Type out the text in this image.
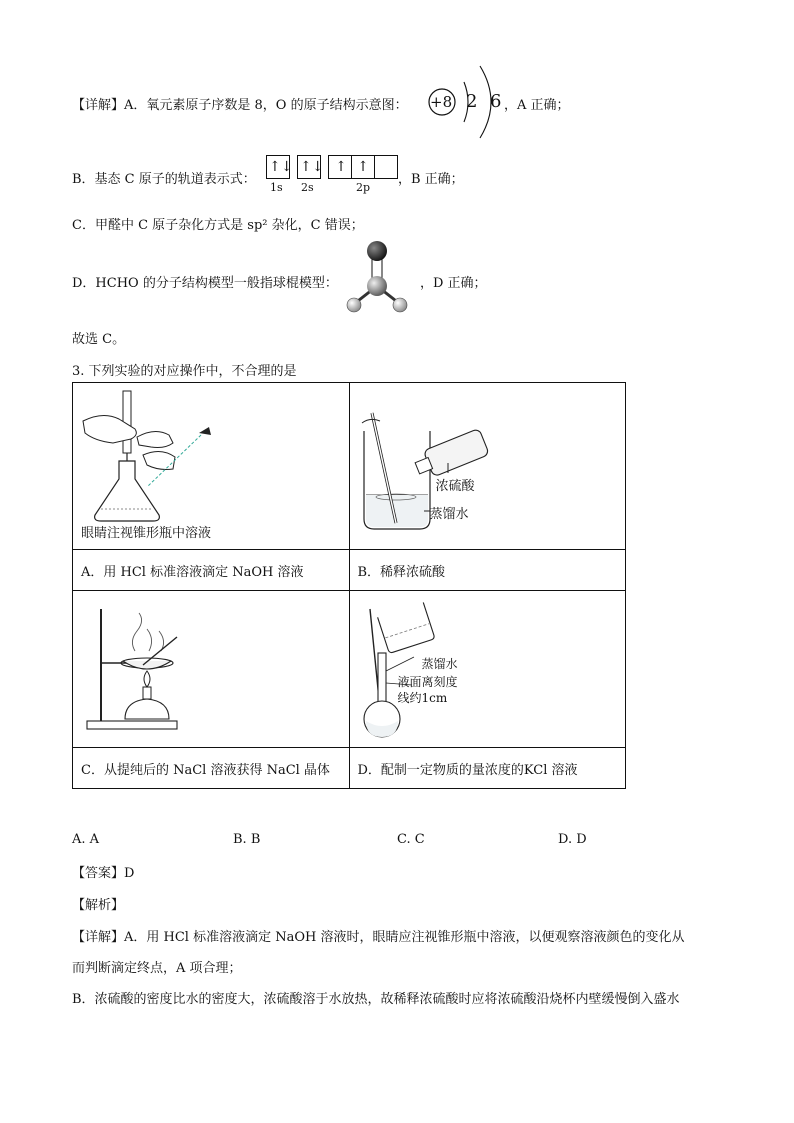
【详解】A．氧元素原子序数是 8，O 的原子结构示意图： +8 2 6 ，A 正确；
B．基态 C 原子的轨道表示式：
↑↓ ↑↓ ↑ ↑
1s 2s	2p
，B 正确；
C．甲醛中 C 原子杂化方式是 sp² 杂化，C 错误；
D．HCHO 的分子结构模型一般指球棍模型：	，D 正确；
故选 C。
3. 下列实验的对应操作中，不合理的是
眼睛注视锥形瓶中溶液	浓硫酸
蒸馏水

A．用 HCl 标准溶液滴定 NaOH 溶液	B．稀释浓硫酸

蒸馏水
液面离刻度
线约1cm

C．从提纯后的 NaCl 溶液获得 NaCl 晶体	D．配制一定物质的量浓度的KCl 溶液
A. A	B. B	C. C	D. D
【答案】D
【解析】
【详解】A．用 HCl 标准溶液滴定 NaOH 溶液时，眼睛应注视锥形瓶中溶液，以便观察溶液颜色的变化从
而判断滴定终点，A 项合理；
B．浓硫酸的密度比水的密度大，浓硫酸溶于水放热，故稀释浓硫酸时应将浓硫酸沿烧杯内壁缓慢倒入盛水
